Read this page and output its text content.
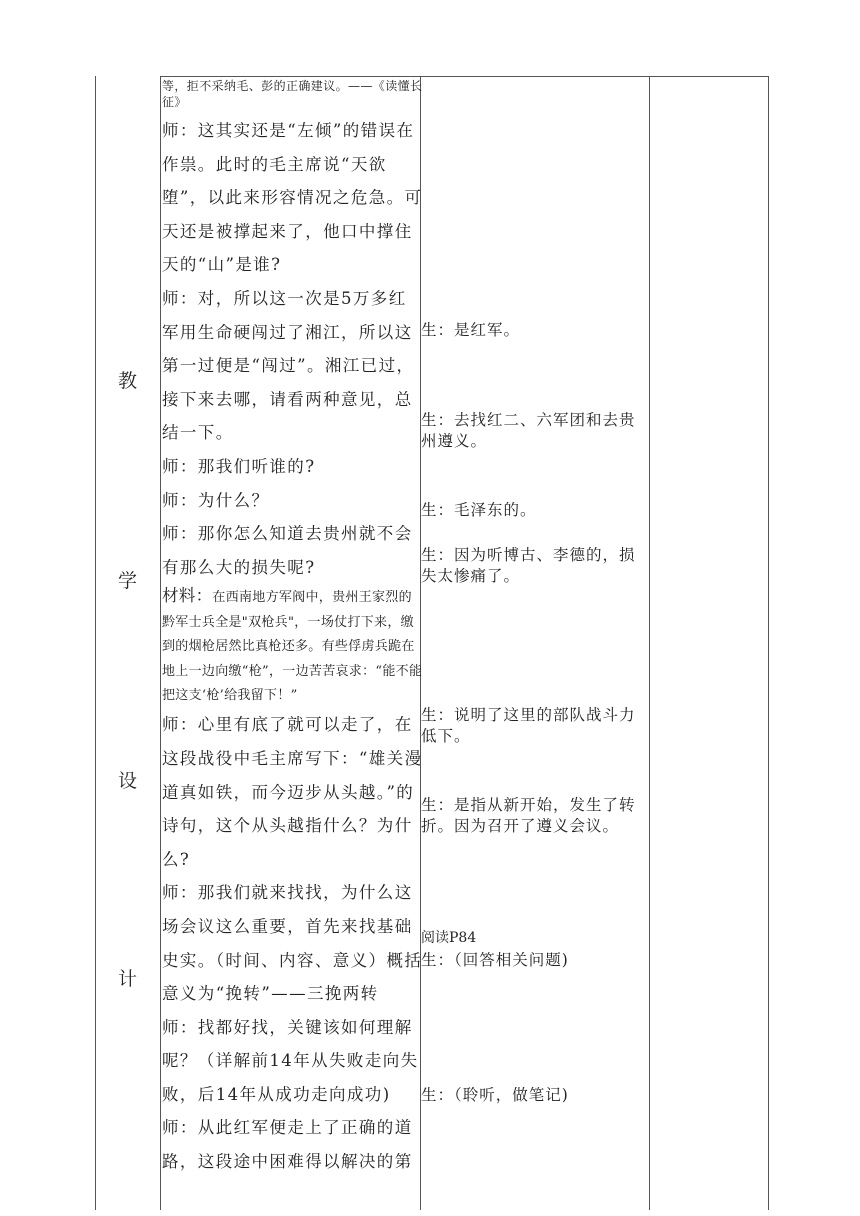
教
学
设
计

等，拒不采纳毛、彭的正确建议。——《读懂长征》

师：这其实还是“左倾”的错误在作祟。此时的毛主席说“天欲堕”，以此来形容情况之危急。可天还是被撑起来了，他口中撑住天的“山”是谁?

师：对，所以这一次是5万多红军用生命硬闯过了湘江，所以这第一过便是“闯过”。湘江已过，接下来去哪，请看两种意见，总结一下。

师：那我们听谁的?

师：为什么？

师：那你怎么知道去贵州就不会有那么大的损失呢?

材料：在西南地方军阀中，贵州王家烈的黔军士兵全是"双枪兵"，一场仗打下来，缴到的烟枪居然比真枪还多。有些俘虏兵跪在地上一边向缴“枪”，一边苦苦哀求：“能不能把这支‘枪’给我留下！”

师：心里有底了就可以走了，在这段战役中毛主席写下：“雄关漫道真如铁，而今迈步从头越。”的诗句，这个从头越指什么？为什么?

师：那我们就来找找，为什么这场会议这么重要，首先来找基础史实。（时间、内容、意义）概括意义为“挽转”——三挽两转

师：找都好找，关键该如何理解呢？（详解前14年从失败走向失败，后14年从成功走向成功)

师：从此红军便走上了正确的道路，这段途中困难得以解决的第

生：是红军。
生：去找红二、六军团和去贵州遵义。
生：毛泽东的。
生：因为听博古、李德的，损失太惨痛了。
生：说明了这里的部队战斗力低下。
生：是指从新开始，发生了转折。因为召开了遵义会议。
阅读P84
生：（回答相关问题)
生：（聆听，做笔记)
